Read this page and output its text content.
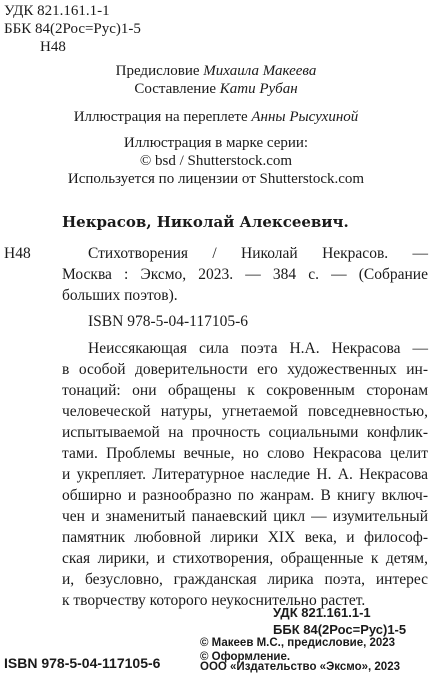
УДК 821.161.1-1
ББК 84(2Рос=Рус)1-5
Н48
Предисловие Михаила Макеева
Составление Кати Рубан
Иллюстрация на переплете Анны Рысухиной
Иллюстрация в марке серии:
© bsd / Shutterstock.com
Используется по лицензии от Shutterstock.com
Некрасов, Николай Алексеевич.
Н48	Стихотворения / Николай Некрасов. —
Москва : Эксмо, 2023. — 384 с. — (Собрание
больших поэтов).
ISBN 978-5-04-117105-6
Неиссякающая сила поэта Н.А. Некрасова —
в особой доверительности его художественных ин-
тонаций: они обращены к сокровенным сторонам
человеческой натуры, угнетаемой повседневностью,
испытываемой на прочность социальными конфлик-
тами. Проблемы вечные, но слово Некрасова целит
и укрепляет. Литературное наследие Н. А. Некрасова
обширно и разнообразно по жанрам. В книгу включ-
чен и знаменитый панаевский цикл — изумительный
памятник любовной лирики XIX века, и философ-
ская лирики, и стихотворения, обращенные к детям,
и, безусловно, гражданская лирика поэта, интерес
к творчеству которого неукоснительно растет.
УДК 821.161.1-1
ББК 84(2Рос=Рус)1-5
ISBN 978-5-04-117105-6
© Макеев М.С., предисловие, 2023
© Оформление.
ООО «Издательство «Эксмо», 2023
